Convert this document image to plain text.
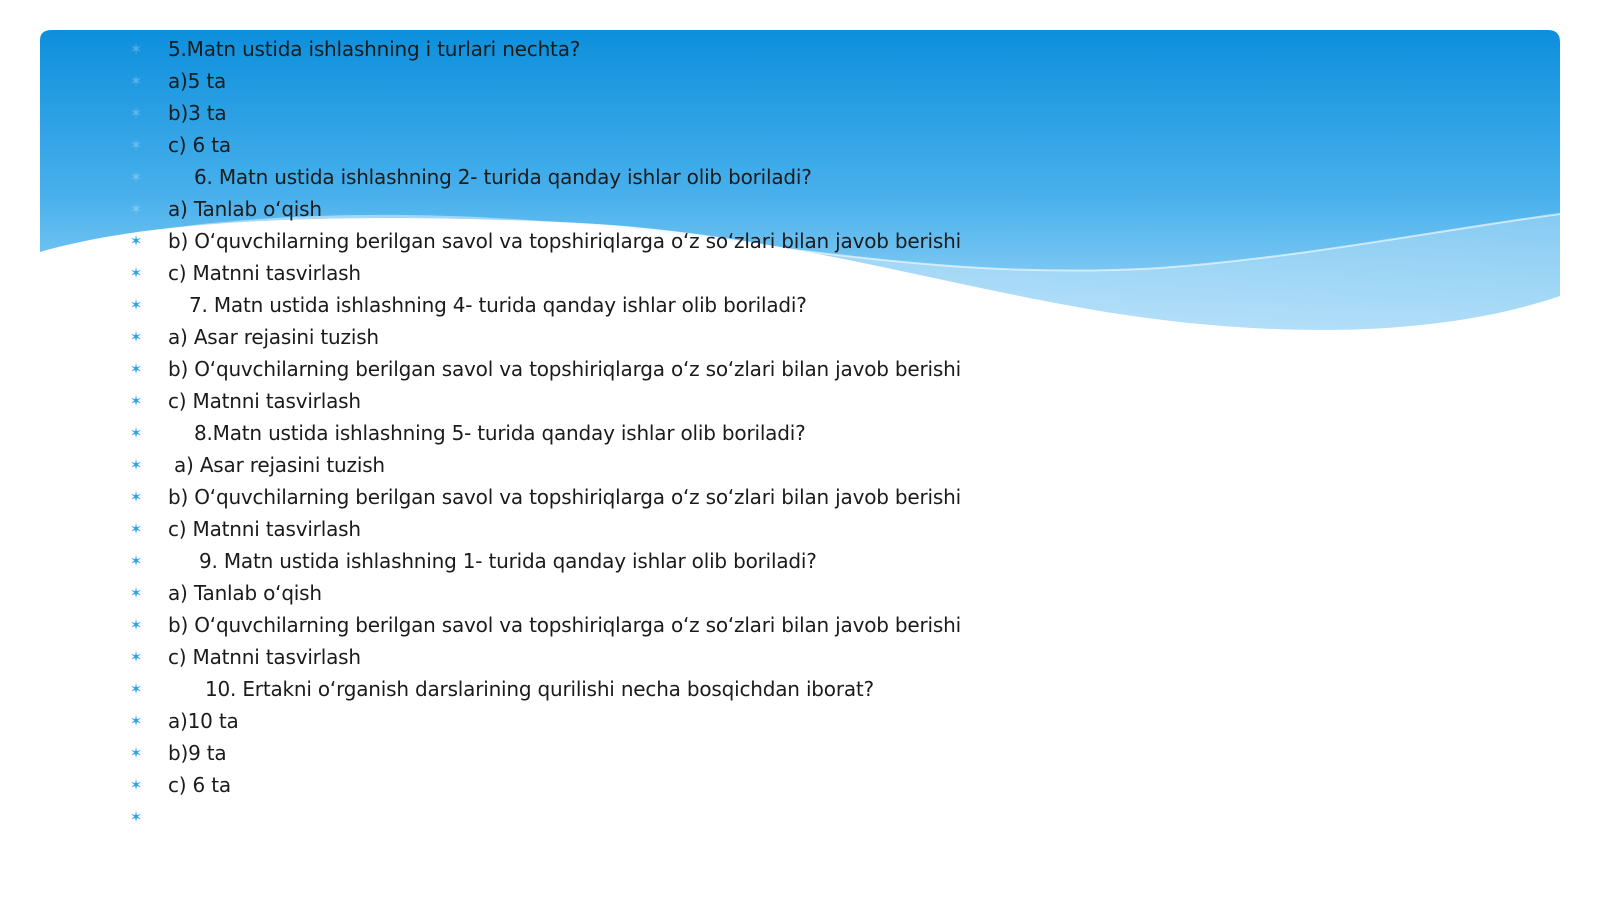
✶ 5.Matn ustida ishlashning i turlari nechta?
✶ a)5 ta
✶ b)3 ta
✶ c) 6 ta
✶	6. Matn ustida ishlashning 2- turida qanday ishlar olib boriladi?
✶ a) Tanlab o‘qish
✶ b) O‘quvchilarning berilgan savol va topshiriqlarga o‘z so‘zlari bilan javob berishi
✶ c) Matnni tasvirlash
✶ 7. Matn ustida ishlashning 4- turida qanday ishlar olib boriladi?
✶ a) Asar rejasini tuzish
✶ b) O‘quvchilarning berilgan savol va topshiriqlarga o‘z so‘zlari bilan javob berishi
✶ c) Matnni tasvirlash
✶	8.Matn ustida ishlashning 5- turida qanday ishlar olib boriladi?
✶ a) Asar rejasini tuzish
✶ b) O‘quvchilarning berilgan savol va topshiriqlarga o‘z so‘zlari bilan javob berishi
✶ c) Matnni tasvirlash
✶	9. Matn ustida ishlashning 1- turida qanday ishlar olib boriladi?
✶ a) Tanlab o‘qish
✶ b) O‘quvchilarning berilgan savol va topshiriqlarga o‘z so‘zlari bilan javob berishi
✶ c) Matnni tasvirlash
✶	10. Ertakni o‘rganish darslarining qurilishi necha bosqichdan iborat?
✶ a)10 ta
✶ b)9 ta
✶ c) 6 ta
✶
